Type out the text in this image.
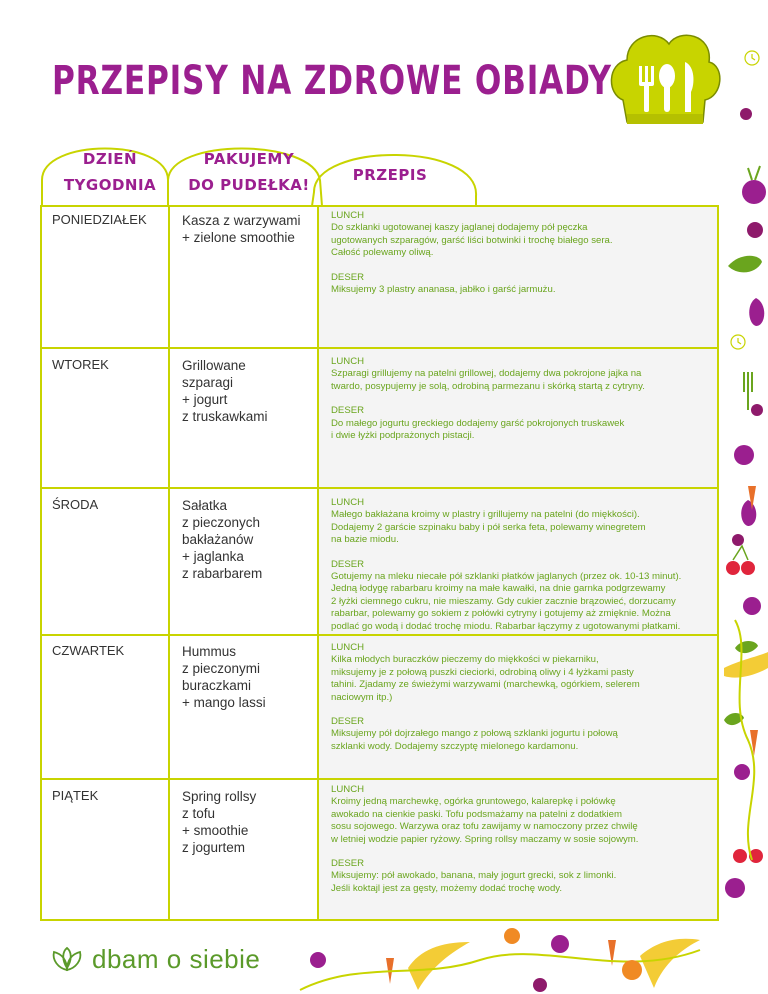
PRZEPISY NA ZDROWE OBIADY
DZIEŃ
TYGODNIA
PAKUJEMY
DO PUDEŁKA!
PRZEPIS
PONIEDZIAŁEK	Kasza z warzywami
+ zielone smoothie

LUNCH

Do szklanki ugotowanej kaszy jaglanej dodajemy pół pęczka

ugotowanych szparagów, garść liści botwinki i trochę białego sera.

Całość polewamy oliwą.

DESER

Miksujemy 3 plastry ananasa, jabłko i garść jarmużu.

WTOREK	Grillowane
szparagi
+ jogurt
z truskawkami

LUNCH

Szparagi grillujemy na patelni grillowej, dodajemy dwa pokrojone jajka na

twardo, posypujemy je solą, odrobiną parmezanu i skórką startą z cytryny.

DESER

Do małego jogurtu greckiego dodajemy garść pokrojonych truskawek

i dwie łyżki podprażonych pistacji.

ŚRODA	Sałatka
z pieczonych
bakłażanów
+ jaglanka
z rabarbarem

LUNCH

Małego bakłażana kroimy w plastry i grillujemy na patelni (do miękkości).

Dodajemy 2 garście szpinaku baby i pół serka feta, polewamy winegretem

na bazie miodu.

DESER

Gotujemy na mleku niecałe pół szklanki płatków jaglanych (przez ok. 10-13 minut).

Jedną łodygę rabarbaru kroimy na małe kawałki, na dnie garnka podgrzewamy

2 łyżki ciemnego cukru, nie mieszamy. Gdy cukier zacznie brązowieć, dorzucamy

rabarbar, polewamy go sokiem z połówki cytryny i gotujemy aż zmięknie. Można

podlać go wodą i dodać trochę miodu. Rabarbar łączymy z ugotowanymi płatkami.

CZWARTEK	Hummus
z pieczonymi
buraczkami
+ mango lassi

LUNCH

Kilka młodych buraczków pieczemy do miękkości w piekarniku,

miksujemy je z połową puszki cieciorki, odrobiną oliwy i 4 łyżkami pasty

tahini. Zjadamy ze świeżymi warzywami (marchewką, ogórkiem, selerem

naciowym itp.)

DESER

Miksujemy pół dojrzałego mango z połową szklanki jogurtu i połową

szklanki wody. Dodajemy szczyptę mielonego kardamonu.

PIĄTEK	Spring rollsy
z tofu
+ smoothie
z jogurtem

LUNCH

Kroimy jedną marchewkę, ogórka gruntowego, kalarepkę i połówkę

awokado na cienkie paski. Tofu podsmażamy na patelni z dodatkiem

sosu sojowego. Warzywa oraz tofu zawijamy w namoczony przez chwilę

w letniej wodzie papier ryżowy. Spring rollsy maczamy w sosie sojowym.

DESER

Miksujemy: pół awokado, banana, mały jogurt grecki, sok z limonki.

Jeśli koktajl jest za gęsty, możemy dodać trochę wody.

dbam o siebie
